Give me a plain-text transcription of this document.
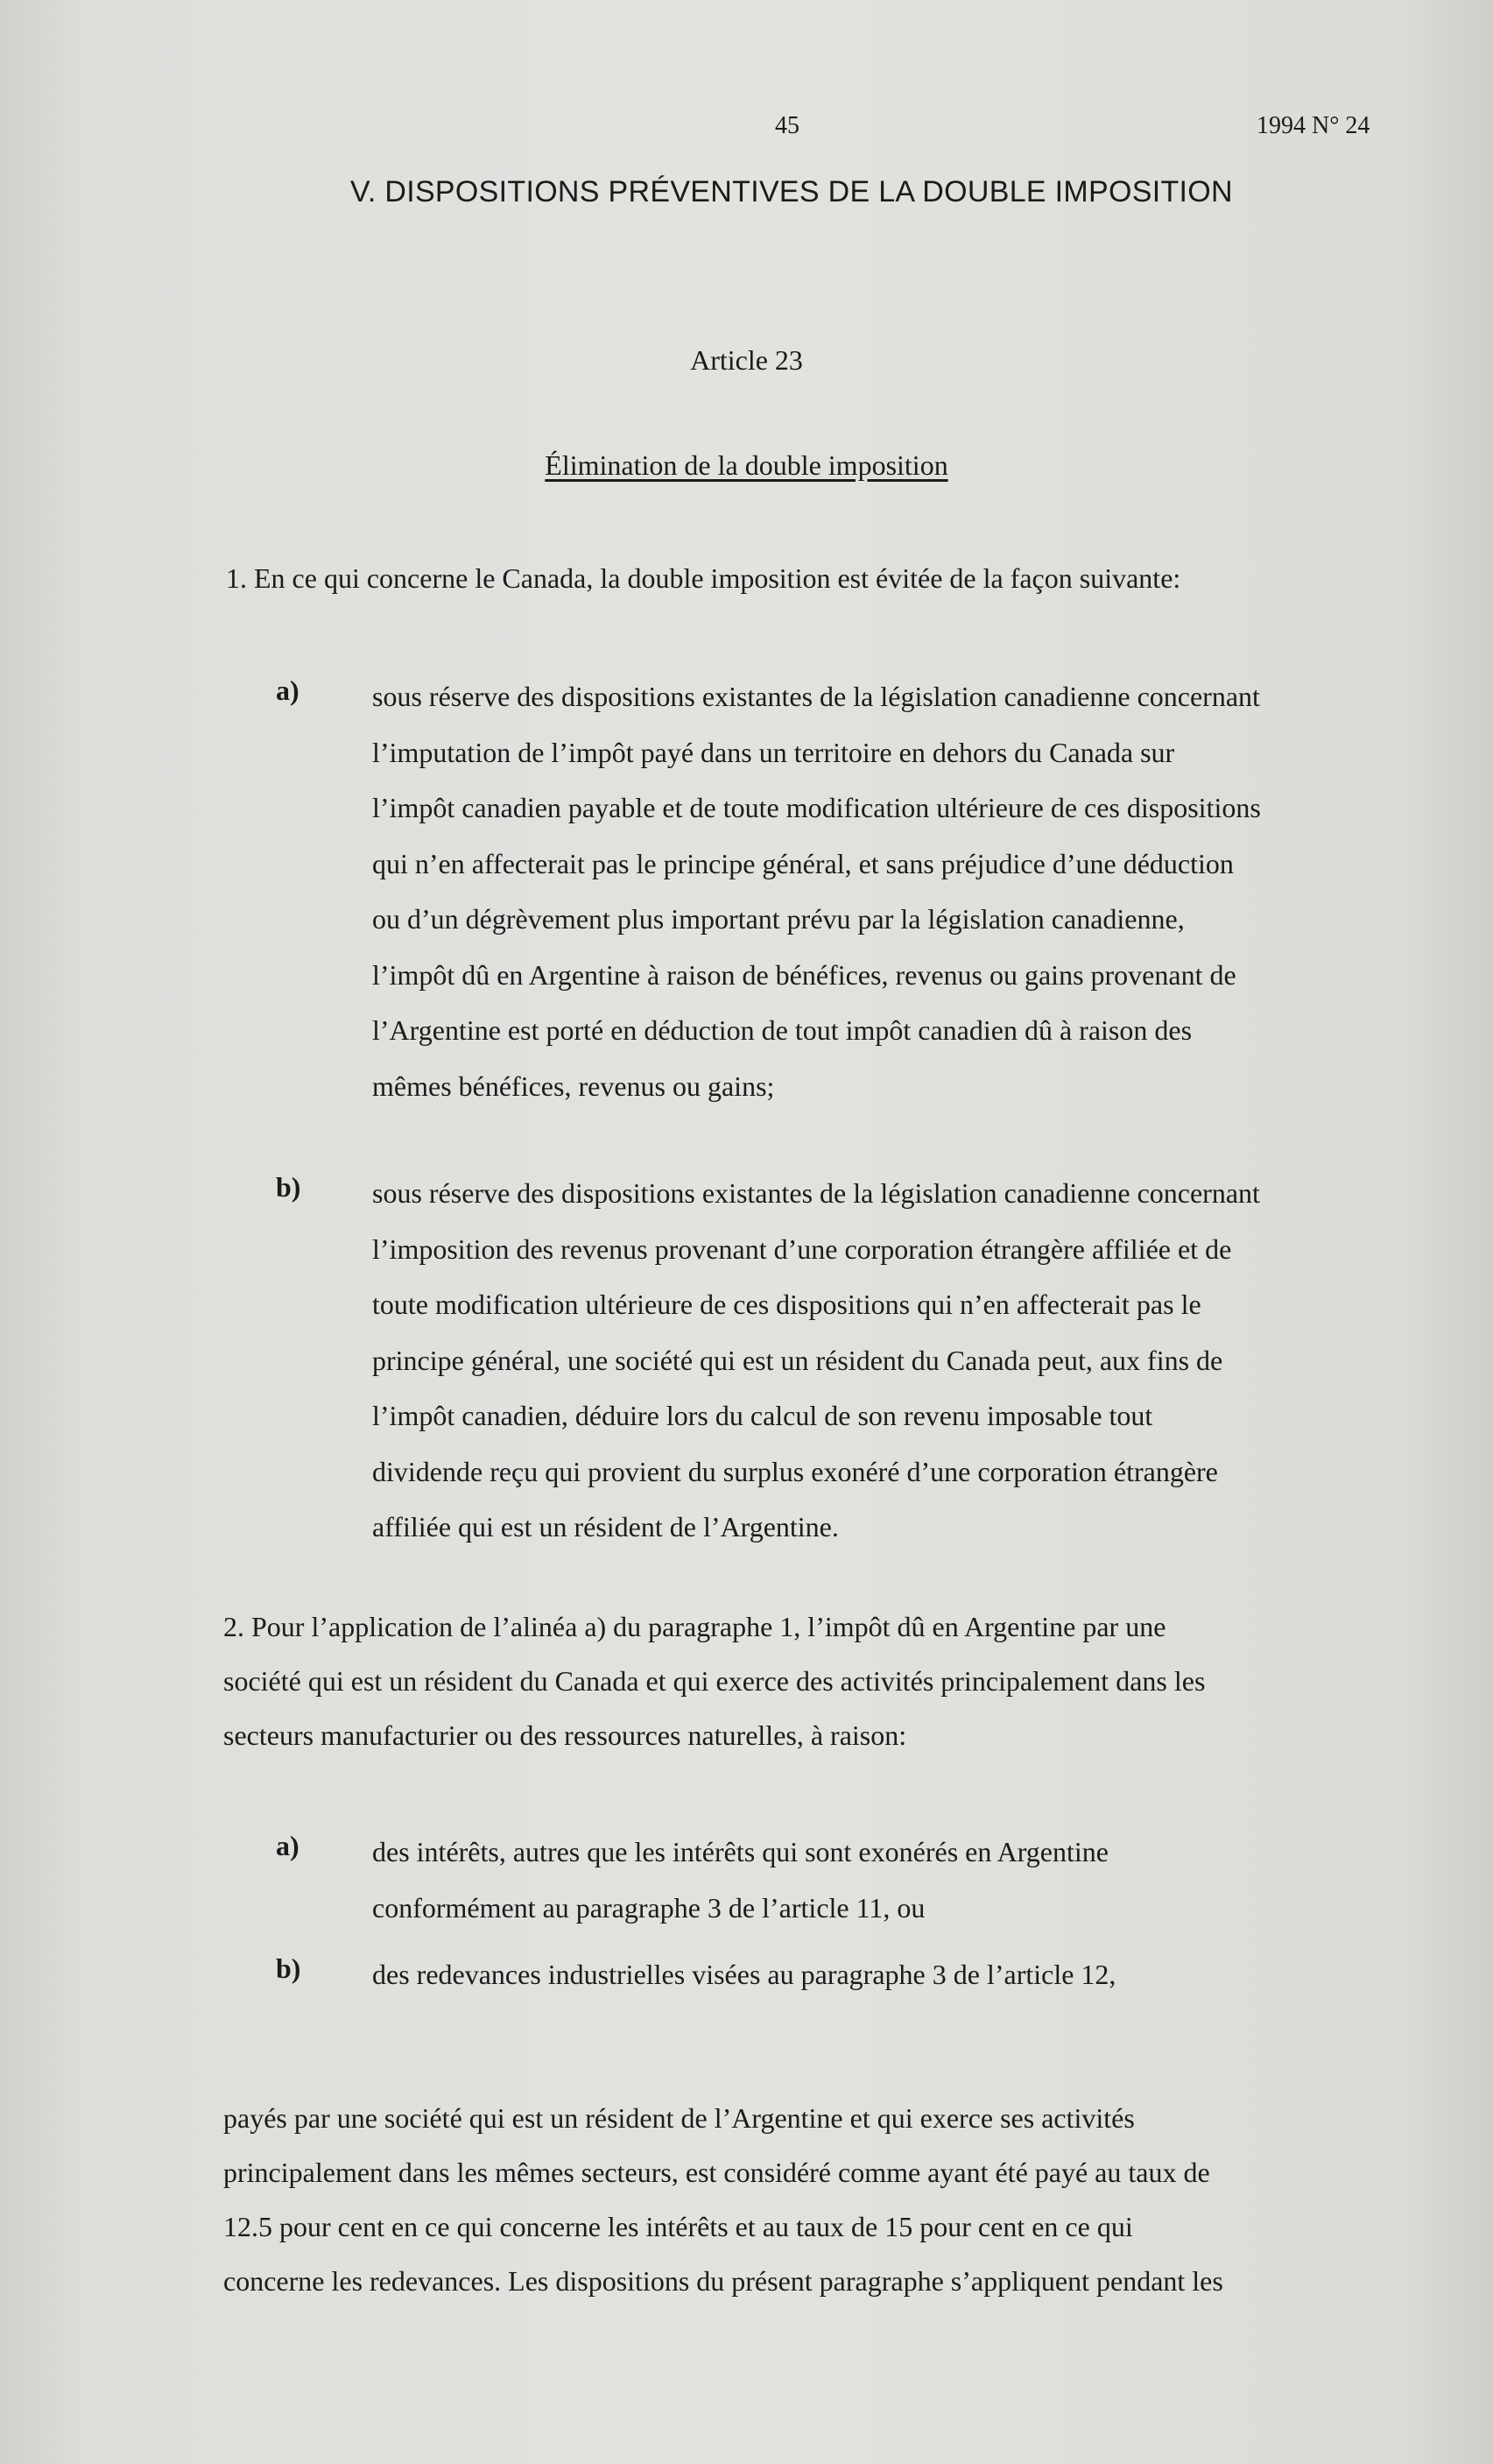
45	1994 N° 24
V. DISPOSITIONS PRÉVENTIVES DE LA DOUBLE IMPOSITION
Article 23
Élimination de la double imposition
1. En ce qui concerne le Canada, la double imposition est évitée de la façon suivante:
a)	sous réserve des dispositions existantes de la législation canadienne concernant
l’imputation de l’impôt payé dans un territoire en dehors du Canada sur
l’impôt canadien payable et de toute modification ultérieure de ces dispositions
qui n’en affecterait pas le principe général, et sans préjudice d’une déduction
ou d’un dégrèvement plus important prévu par la législation canadienne,
l’impôt dû en Argentine à raison de bénéfices, revenus ou gains provenant de
l’Argentine est porté en déduction de tout impôt canadien dû à raison des
mêmes bénéfices, revenus ou gains;
b)	sous réserve des dispositions existantes de la législation canadienne concernant
l’imposition des revenus provenant d’une corporation étrangère affiliée et de
toute modification ultérieure de ces dispositions qui n’en affecterait pas le
principe général, une société qui est un résident du Canada peut, aux fins de
l’impôt canadien, déduire lors du calcul de son revenu imposable tout
dividende reçu qui provient du surplus exonéré d’une corporation étrangère
affiliée qui est un résident de l’Argentine.
2. Pour l’application de l’alinéa a) du paragraphe 1, l’impôt dû en Argentine par une
société qui est un résident du Canada et qui exerce des activités principalement dans les
secteurs manufacturier ou des ressources naturelles, à raison:
a)	des intérêts, autres que les intérêts qui sont exonérés en Argentine
conformément au paragraphe 3 de l’article 11, ou
b)	des redevances industrielles visées au paragraphe 3 de l’article 12,
payés par une société qui est un résident de l’Argentine et qui exerce ses activités
principalement dans les mêmes secteurs, est considéré comme ayant été payé au taux de
12.5 pour cent en ce qui concerne les intérêts et au taux de 15 pour cent en ce qui
concerne les redevances. Les dispositions du présent paragraphe s’appliquent pendant les
